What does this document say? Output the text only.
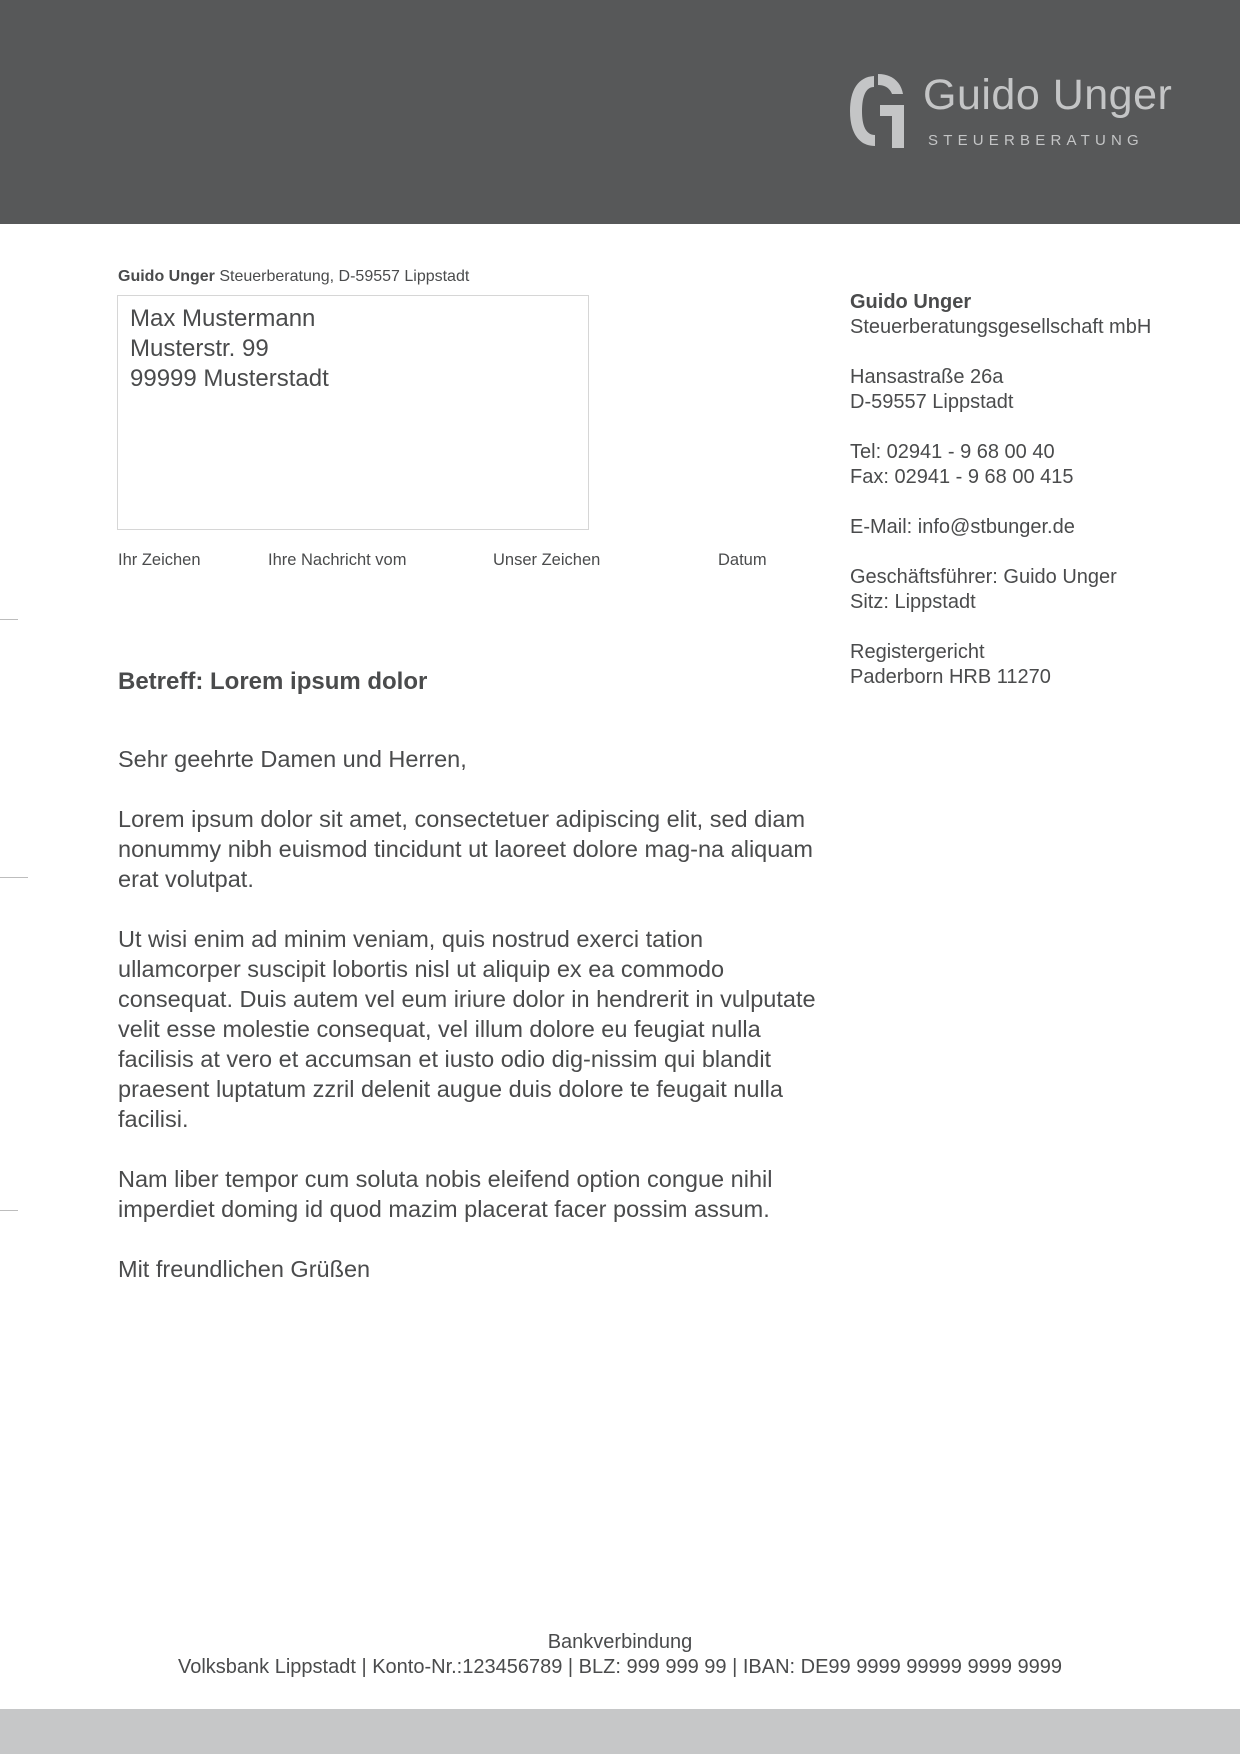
Guido Unger
STEUERBERATUNG
Guido Unger Steuerberatung, D-59557 Lippstadt
Max Mustermann
Musterstr. 99
99999 Musterstadt
Ihr Zeichen	Ihre Nachricht vom	Unser Zeichen	Datum
Betreff: Lorem ipsum dolor

Sehr geehrte Damen und Herren,

Lorem ipsum dolor sit amet, consectetuer adipiscing elit, sed diam nonummy nibh euismod tincidunt ut laoreet dolore mag-na aliquam erat volutpat.

Ut wisi enim ad minim veniam, quis nostrud exerci tation ullamcorper suscipit lobortis nisl ut aliquip ex ea commodo consequat. Duis autem vel eum iriure dolor in hendrerit in vulputate velit esse molestie consequat, vel illum dolore eu feugiat nulla facilisis at vero et accumsan et iusto odio dig-nissim qui blandit praesent luptatum zzril delenit augue duis dolore te feugait nulla facilisi.

Nam liber tempor cum soluta nobis eleifend option congue nihil imperdiet doming id quod mazim placerat facer possim assum.

Mit freundlichen Grüßen

Guido Unger
Steuerberatungsgesellschaft mbH
Hansastraße 26a
D-59557 Lippstadt
Tel: 02941 - 9 68 00 40
Fax: 02941 - 9 68 00 415
E-Mail: info@stbunger.de
Geschäftsführer: Guido Unger
Sitz: Lippstadt
Registergericht
Paderborn HRB 11270
Bankverbindung
Volksbank Lippstadt | Konto-Nr.:123456789 | BLZ: 999 999 99 | IBAN: DE99 9999 99999 9999 9999
